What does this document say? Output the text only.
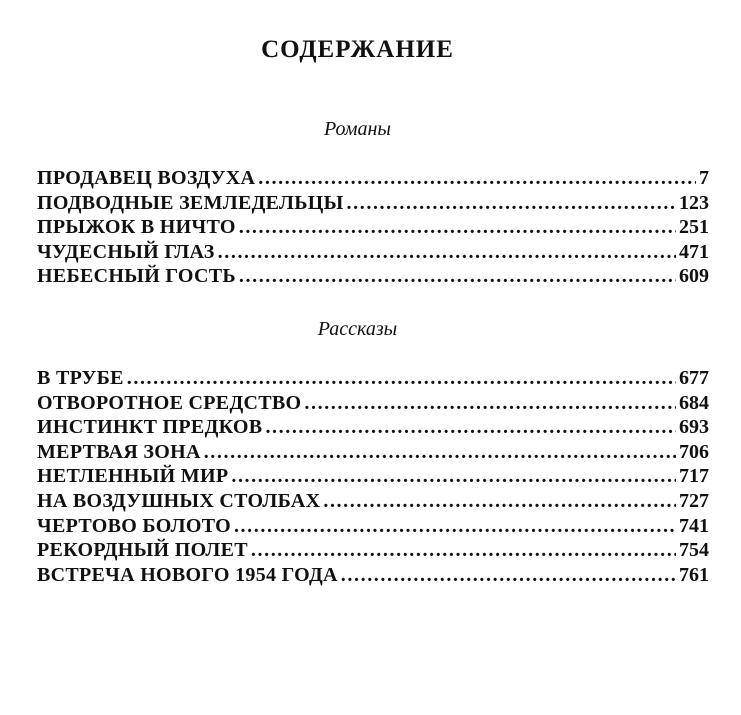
СОДЕРЖАНИЕ
Романы
ПРОДАВЕЦ ВОЗДУХА .....	7
ПОДВОДНЫЕ ЗЕМЛЕДЕЛЬЦЫ .....	123
ПРЫЖОК В НИЧТО .....	251
ЧУДЕСНЫЙ ГЛАЗ .....	471
НЕБЕСНЫЙ ГОСТЬ .....	609
Рассказы
В ТРУБЕ .....	677
ОТВОРОТНОЕ СРЕДСТВО .....	684
ИНСТИНКТ ПРЕДКОВ .....	693
МЕРТВАЯ ЗОНА .....	706
НЕТЛЕННЫЙ МИР .....	717
НА ВОЗДУШНЫХ СТОЛБАХ .....	727
ЧЕРТОВО БОЛОТО .....	741
РЕКОРДНЫЙ ПОЛЕТ .....	754
ВСТРЕЧА НОВОГО 1954 ГОДА .....	761
